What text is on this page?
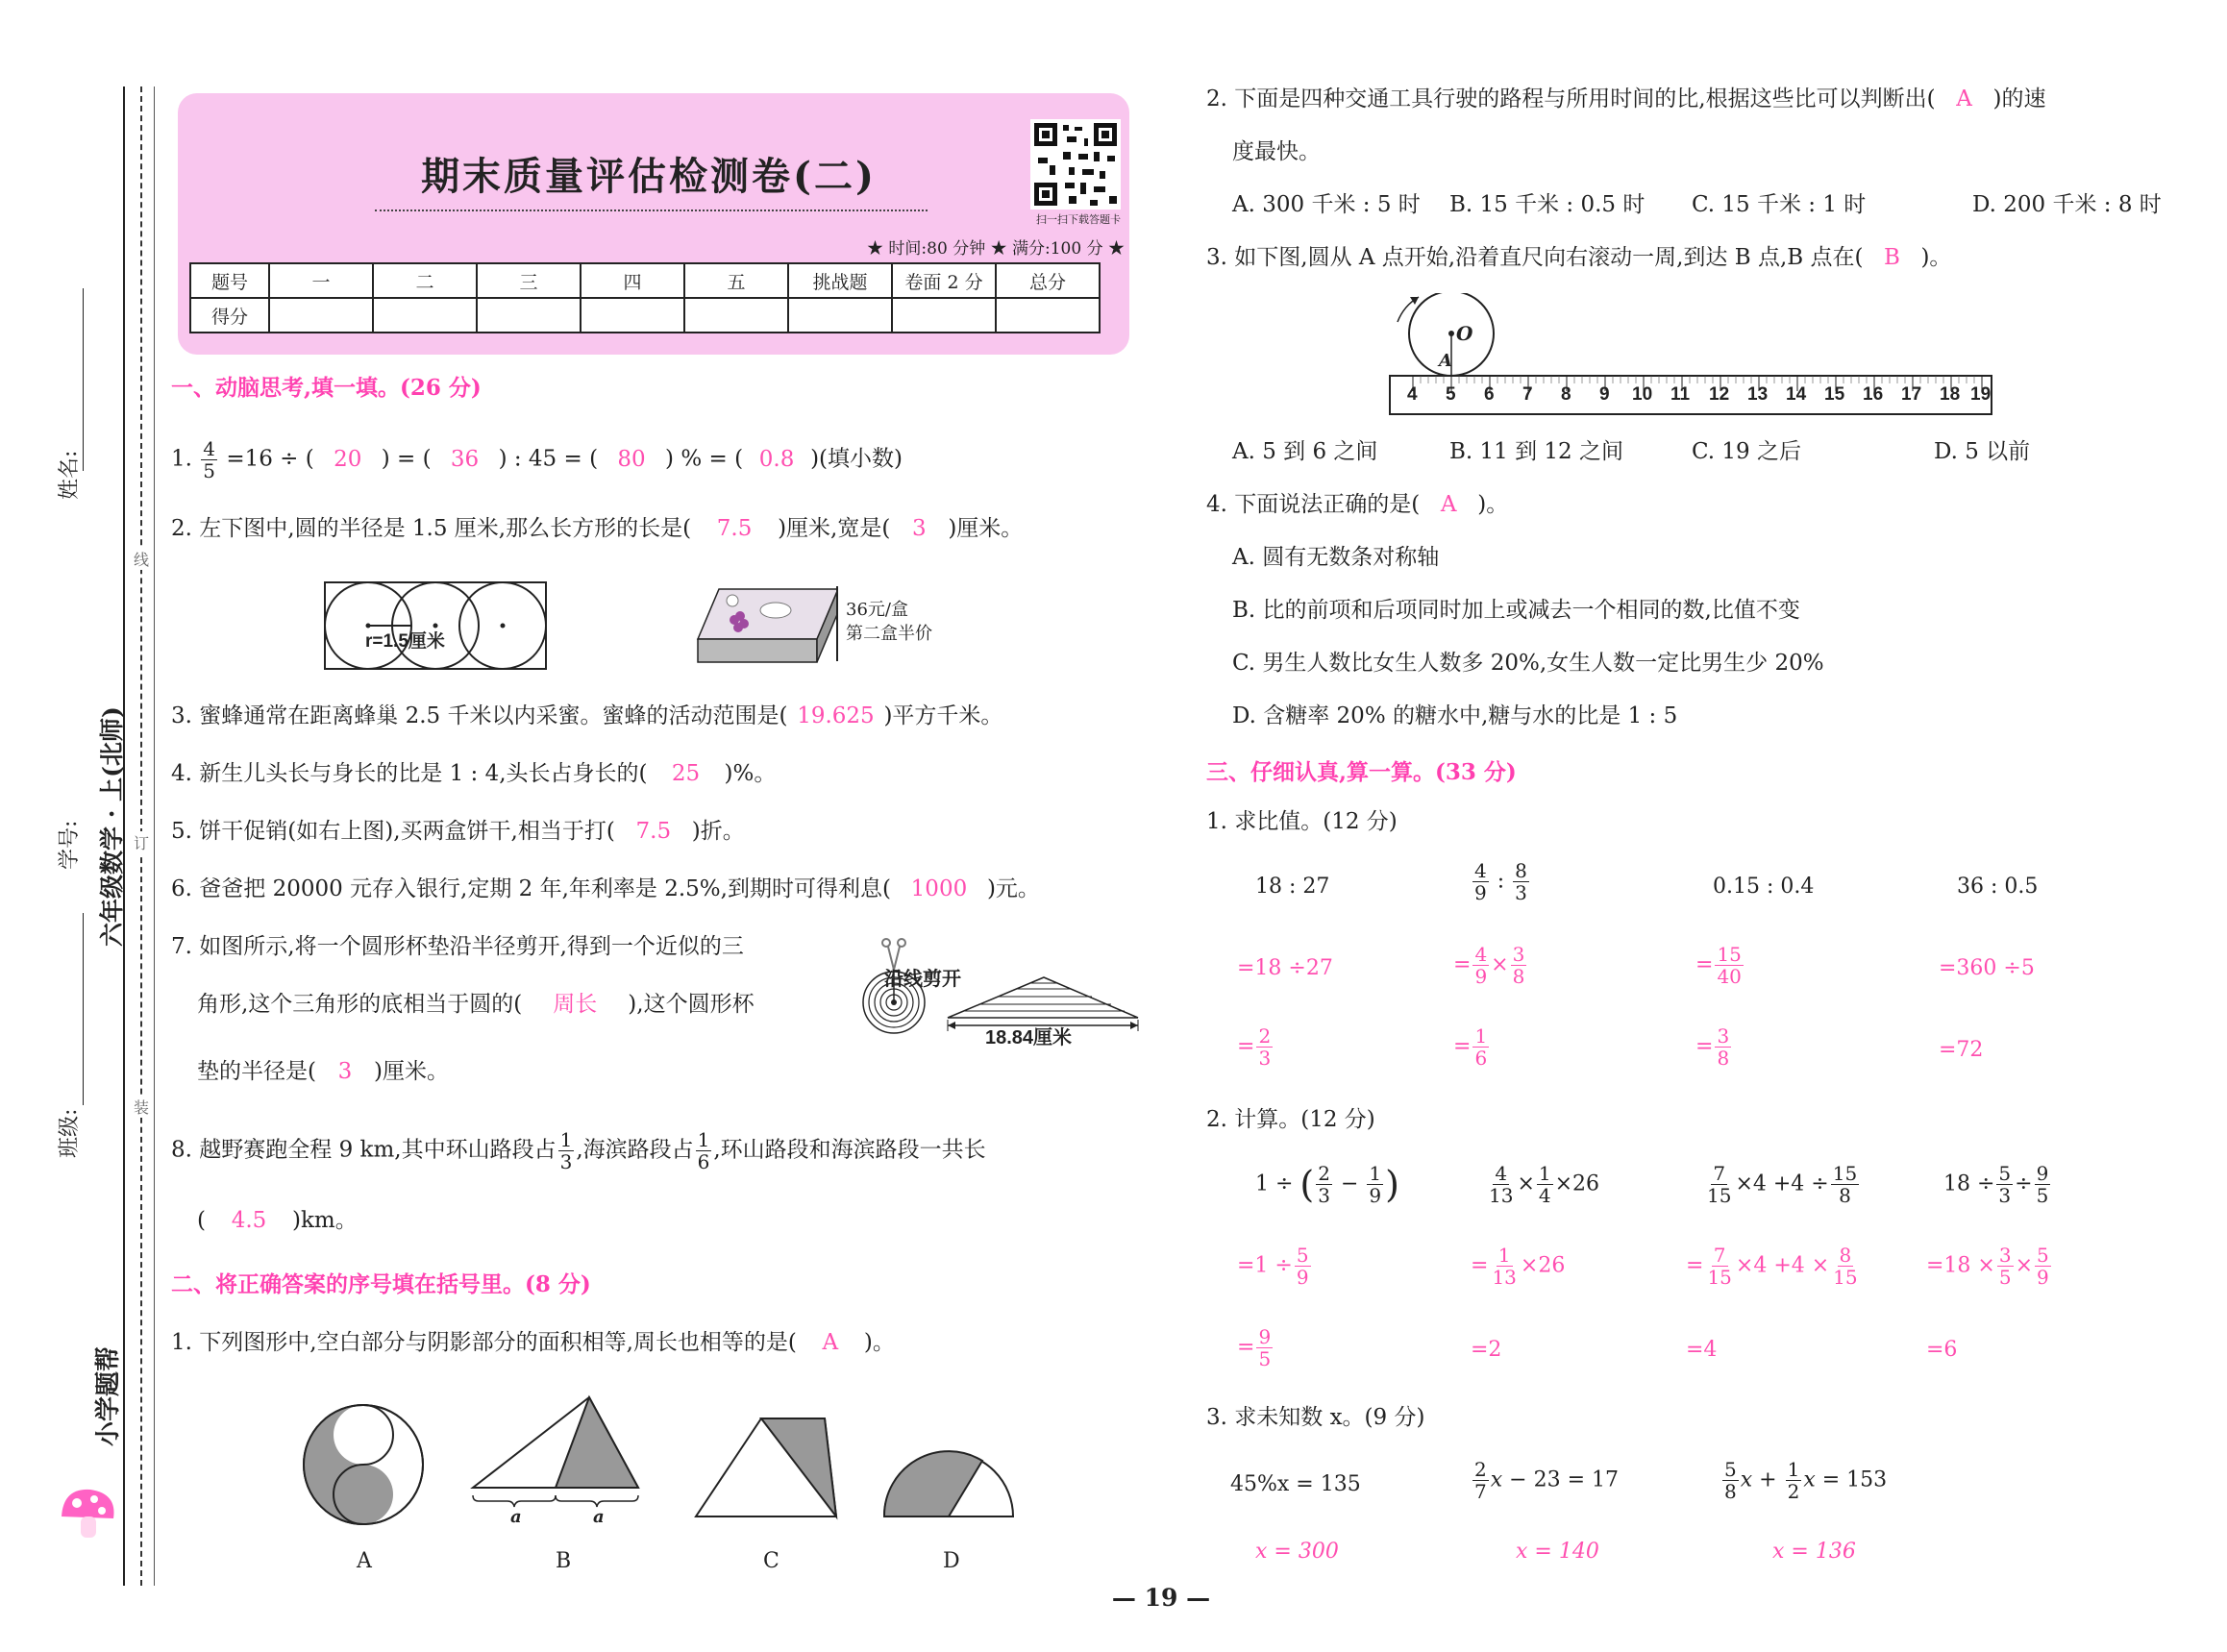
姓名:
学号:
班级:
六年级数学 · 上(北师)
线
订
装
小学题帮
期末质量评估检测卷(二)
扫一扫下载答题卡
★ 时间:80 分钟 ★ 满分:100 分 ★
题号	一	二	三	四	五	挑战题	卷面 2 分	总分
得分								
一、动脑思考,填一填。(26 分)
1. $\frac{4}{5} =16$ ÷ ( 20 ) = ( 36 ) : 45 = ( 80 ) % = ( 0.8 )(填小数)
2. 左下图中,圆的半径是 1.5 厘米,那么长方形的长是( 7.5 )厘米,宽是( 3 )厘米。
r=1.5厘米
36元/盒
第二盒半价
3. 蜜蜂通常在距离蜂巢 2.5 千米以内采蜜。蜜蜂的活动范围是( 19.625 )平方千米。
4. 新生儿头长与身长的比是 1 : 4,头长占身长的( 25 )%。
5. 饼干促销(如右上图),买两盒饼干,相当于打( 7.5 )折。
6. 爸爸把 20000 元存入银行,定期 2 年,年利率是 2.5%,到期时可得利息( 1000 )元。
7. 如图所示,将一个圆形杯垫沿半径剪开,得到一个近似的三
角形,这个三角形的底相当于圆的( 周长 ),这个圆形杯
垫的半径是( 3 )厘米。
沿线剪开
18.84厘米
8. 越野赛跑全程 9 km,其中环山路段占 $\frac{1}{3}$ ,海滨路段占 $\frac{1}{6}$ ,环山路段和海滨路段一共长
( 4.5 )km。
二、将正确答案的序号填在括号里。(8 分)
1. 下列图形中,空白部分与阴影部分的面积相等,周长也相等的是( A )。
a	a
A	B	C	D
2. 下面是四种交通工具行驶的路程与所用时间的比,根据这些比可以判断出( A )的速
度最快。
A. 300 千米 : 5 时 B. 15 千米 : 0.5 时 C. 15 千米 : 1 时	D. 200 千米 : 8 时
3. 如下图,圆从 A 点开始,沿着直尺向右滚动一周,到达 B 点,B 点在( B )。
O
A
4 5 6 7 8 9 10 11 12 13 14 15 16 17 18 19
A. 5 到 6 之间	B. 11 到 12 之间	C. 19 之后	D. 5 以前
4. 下面说法正确的是( A )。
A. 圆有无数条对称轴
B. 比的前项和后项同时加上或减去一个相同的数,比值不变
C. 男生人数比女生人数多 20%,女生人数一定比男生少 20%
D. 含糖率 20% 的糖水中,糖与水的比是 1 : 5
三、仔细认真,算一算。(33 分)
1. 求比值。(12 分)
18 : 27	$\frac{4}{9}$ : $\frac{8}{3}$	0.15 : 0.4	36 : 0.5
=18 ÷27	= $\frac{4}{9} \times \frac{3}{8}$	= $\frac{15}{40}$	=360 ÷5
= $\frac{2}{3}$	= $\frac{1}{6}$	= $\frac{3}{8}$	=72
2. 计算。(12 分)
1 ÷ ( $\frac{2}{3} - \frac{1}{9}$ )	$\frac{4}{13} \times \frac{1}{4} \times 26$	$\frac{7}{15} \times 4 +4 \div \frac{15}{8}$	$18 \div \frac{5}{3} \div \frac{9}{5}$
$=1 \div \frac{5}{9}$	= $\frac{1}{13} \times 26$	= $\frac{7}{15} \times 4 +4 \times \frac{8}{15}$	$=18 \times \frac{3}{5} \times \frac{5}{9}$
= $\frac{9}{5}$	=2	=4	=6
3. 求未知数 x。(9 分)
45%x = 135	$\frac{2}{7}$ x − 23 = 17	$\frac{5}{8}$ $x + \frac{1}{2}$ x = 153
x = 300	x = 140	x = 136
— 19 —
